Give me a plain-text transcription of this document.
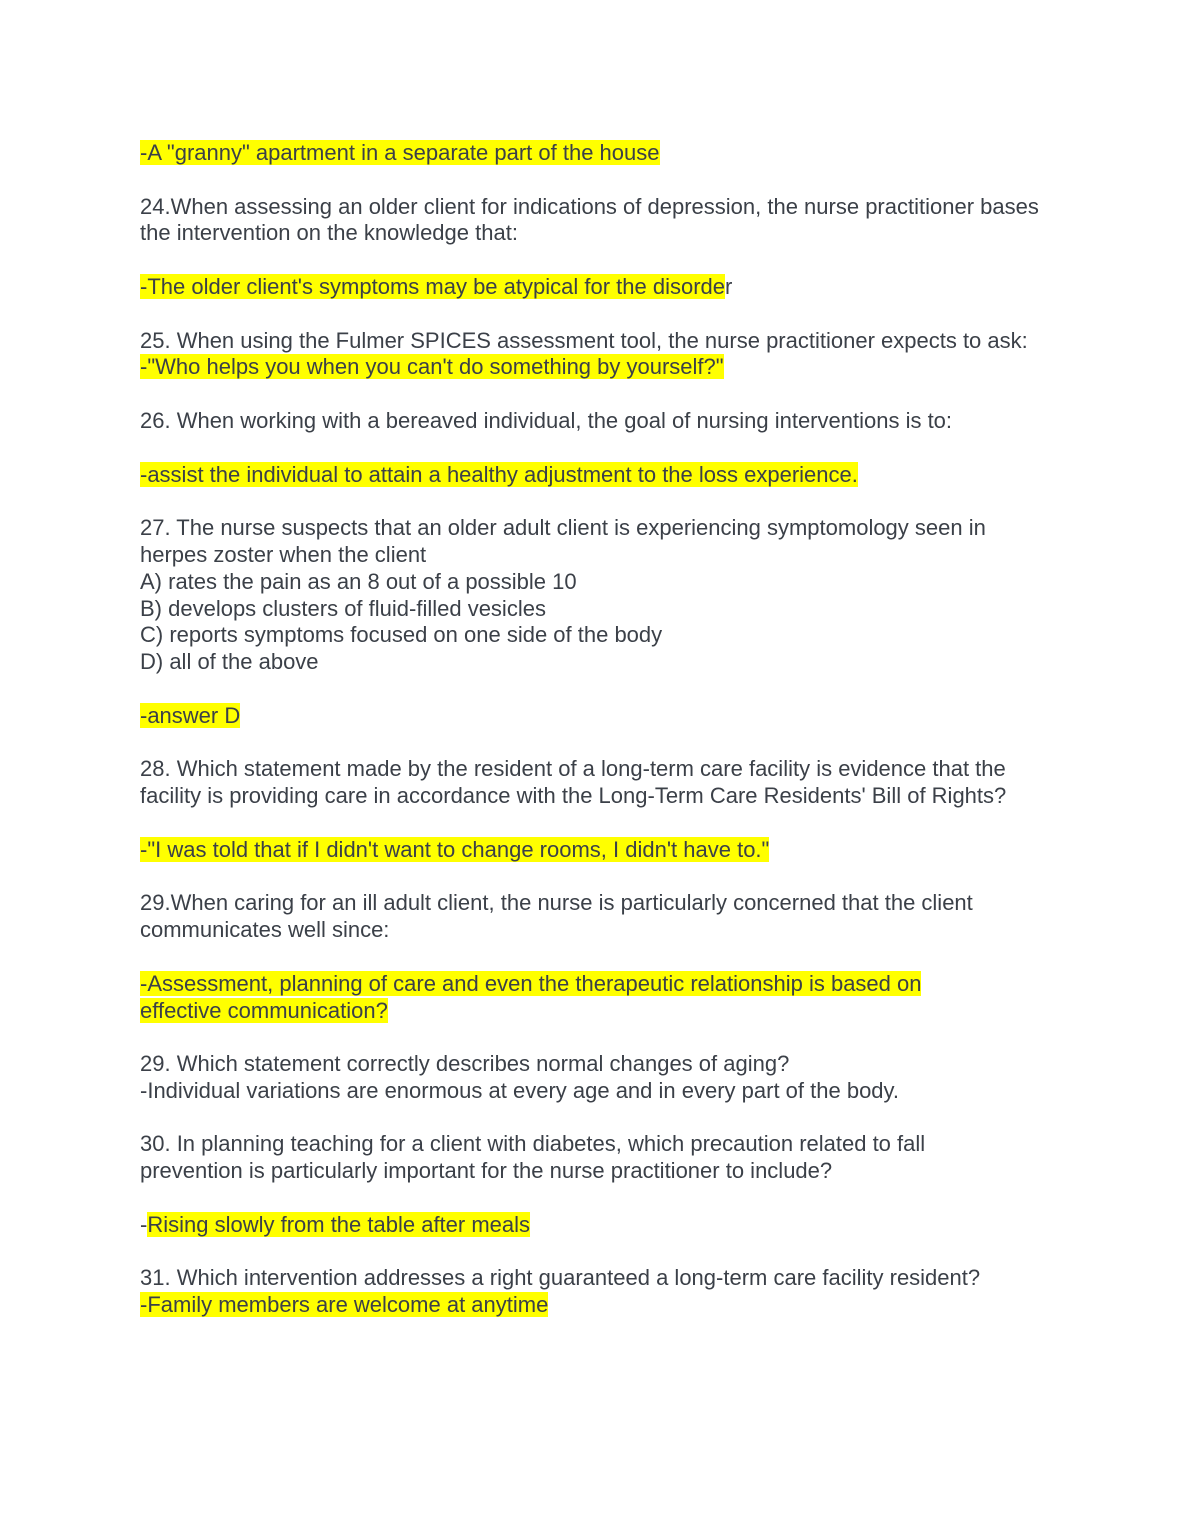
-A "granny" apartment in a separate part of the house
24.When assessing an older client for indications of depression, the nurse practitioner bases the intervention on the knowledge that:
-The older client's symptoms may be atypical for the disorder
25. When using the Fulmer SPICES assessment tool, the nurse practitioner expects to ask:
-"Who helps you when you can't do something by yourself?"
26. When working with a bereaved individual, the goal of nursing interventions is to:
-assist the individual to attain a healthy adjustment to the loss experience.
27. The nurse suspects that an older adult client is experiencing symptomology seen in herpes zoster when the client
A) rates the pain as an 8 out of a possible 10
B) develops clusters of fluid-filled vesicles
C) reports symptoms focused on one side of the body
D) all of the above
-answer D
28. Which statement made by the resident of a long-term care facility is evidence that the facility is providing care in accordance with the Long-Term Care Residents' Bill of Rights?
-"I was told that if I didn't want to change rooms, I didn't have to."
29.When caring for an ill adult client, the nurse is particularly concerned that the client communicates well since:
-Assessment, planning of care and even the therapeutic relationship is based on effective communication?
29. Which statement correctly describes normal changes of aging?
-Individual variations are enormous at every age and in every part of the body.
30. In planning teaching for a client with diabetes, which precaution related to fall prevention is particularly important for the nurse practitioner to include?
-Rising slowly from the table after meals
31. Which intervention addresses a right guaranteed a long-term care facility resident?
-Family members are welcome at anytime
